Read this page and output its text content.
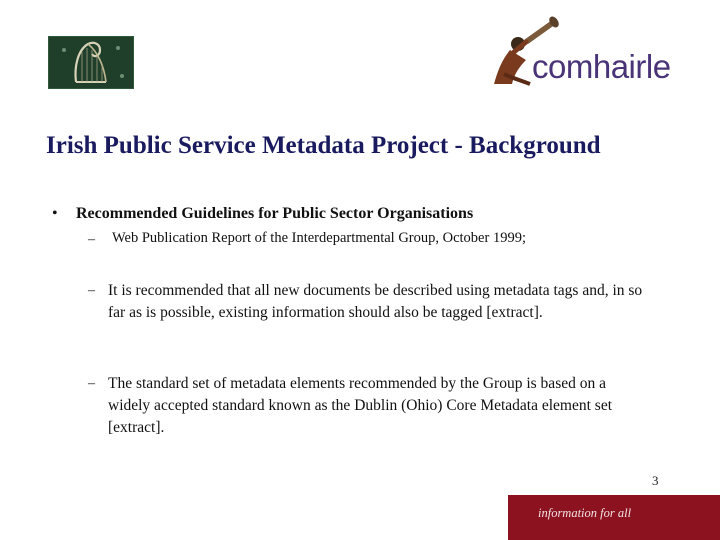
comhairle
Irish Public Service Metadata Project - Background
• Recommended Guidelines for Public Sector Organisations
– Web Publication Report of the Interdepartmental Group, October 1999;
– It is recommended that all new documents be described using metadata tags and, in so far as is possible, existing information should also be tagged [extract].
– The standard set of metadata elements recommended by the Group is based on a widely accepted standard known as the Dublin (Ohio) Core Metadata element set [extract].
information for all
3
